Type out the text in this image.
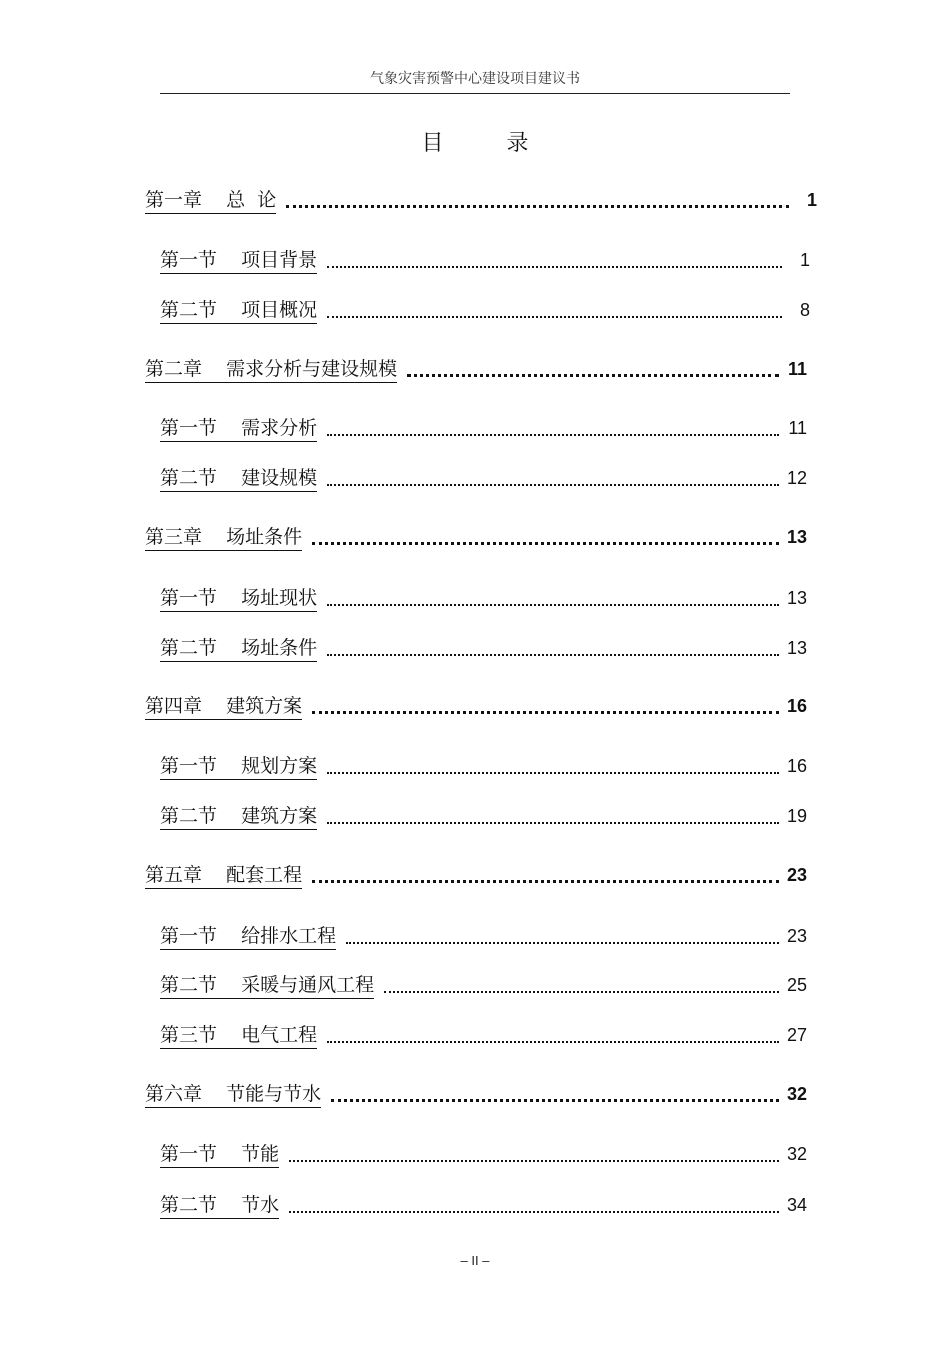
气象灾害预警中心建设项目建议书
目 录
第一章    总  论	1
第一节    项目背景	1
第二节    项目概况	8
第二章    需求分析与建设规模	11
第一节    需求分析	11
第二节    建设规模	12
第三章    场址条件	13
第一节    场址现状	13
第二节    场址条件	13
第四章    建筑方案	16
第一节    规划方案	16
第二节    建筑方案	19
第五章    配套工程	23
第一节    给排水工程	23
第二节    采暖与通风工程	25
第三节    电气工程	27
第六章    节能与节水	32
第一节    节能	32
第二节    节水	34
– II –
